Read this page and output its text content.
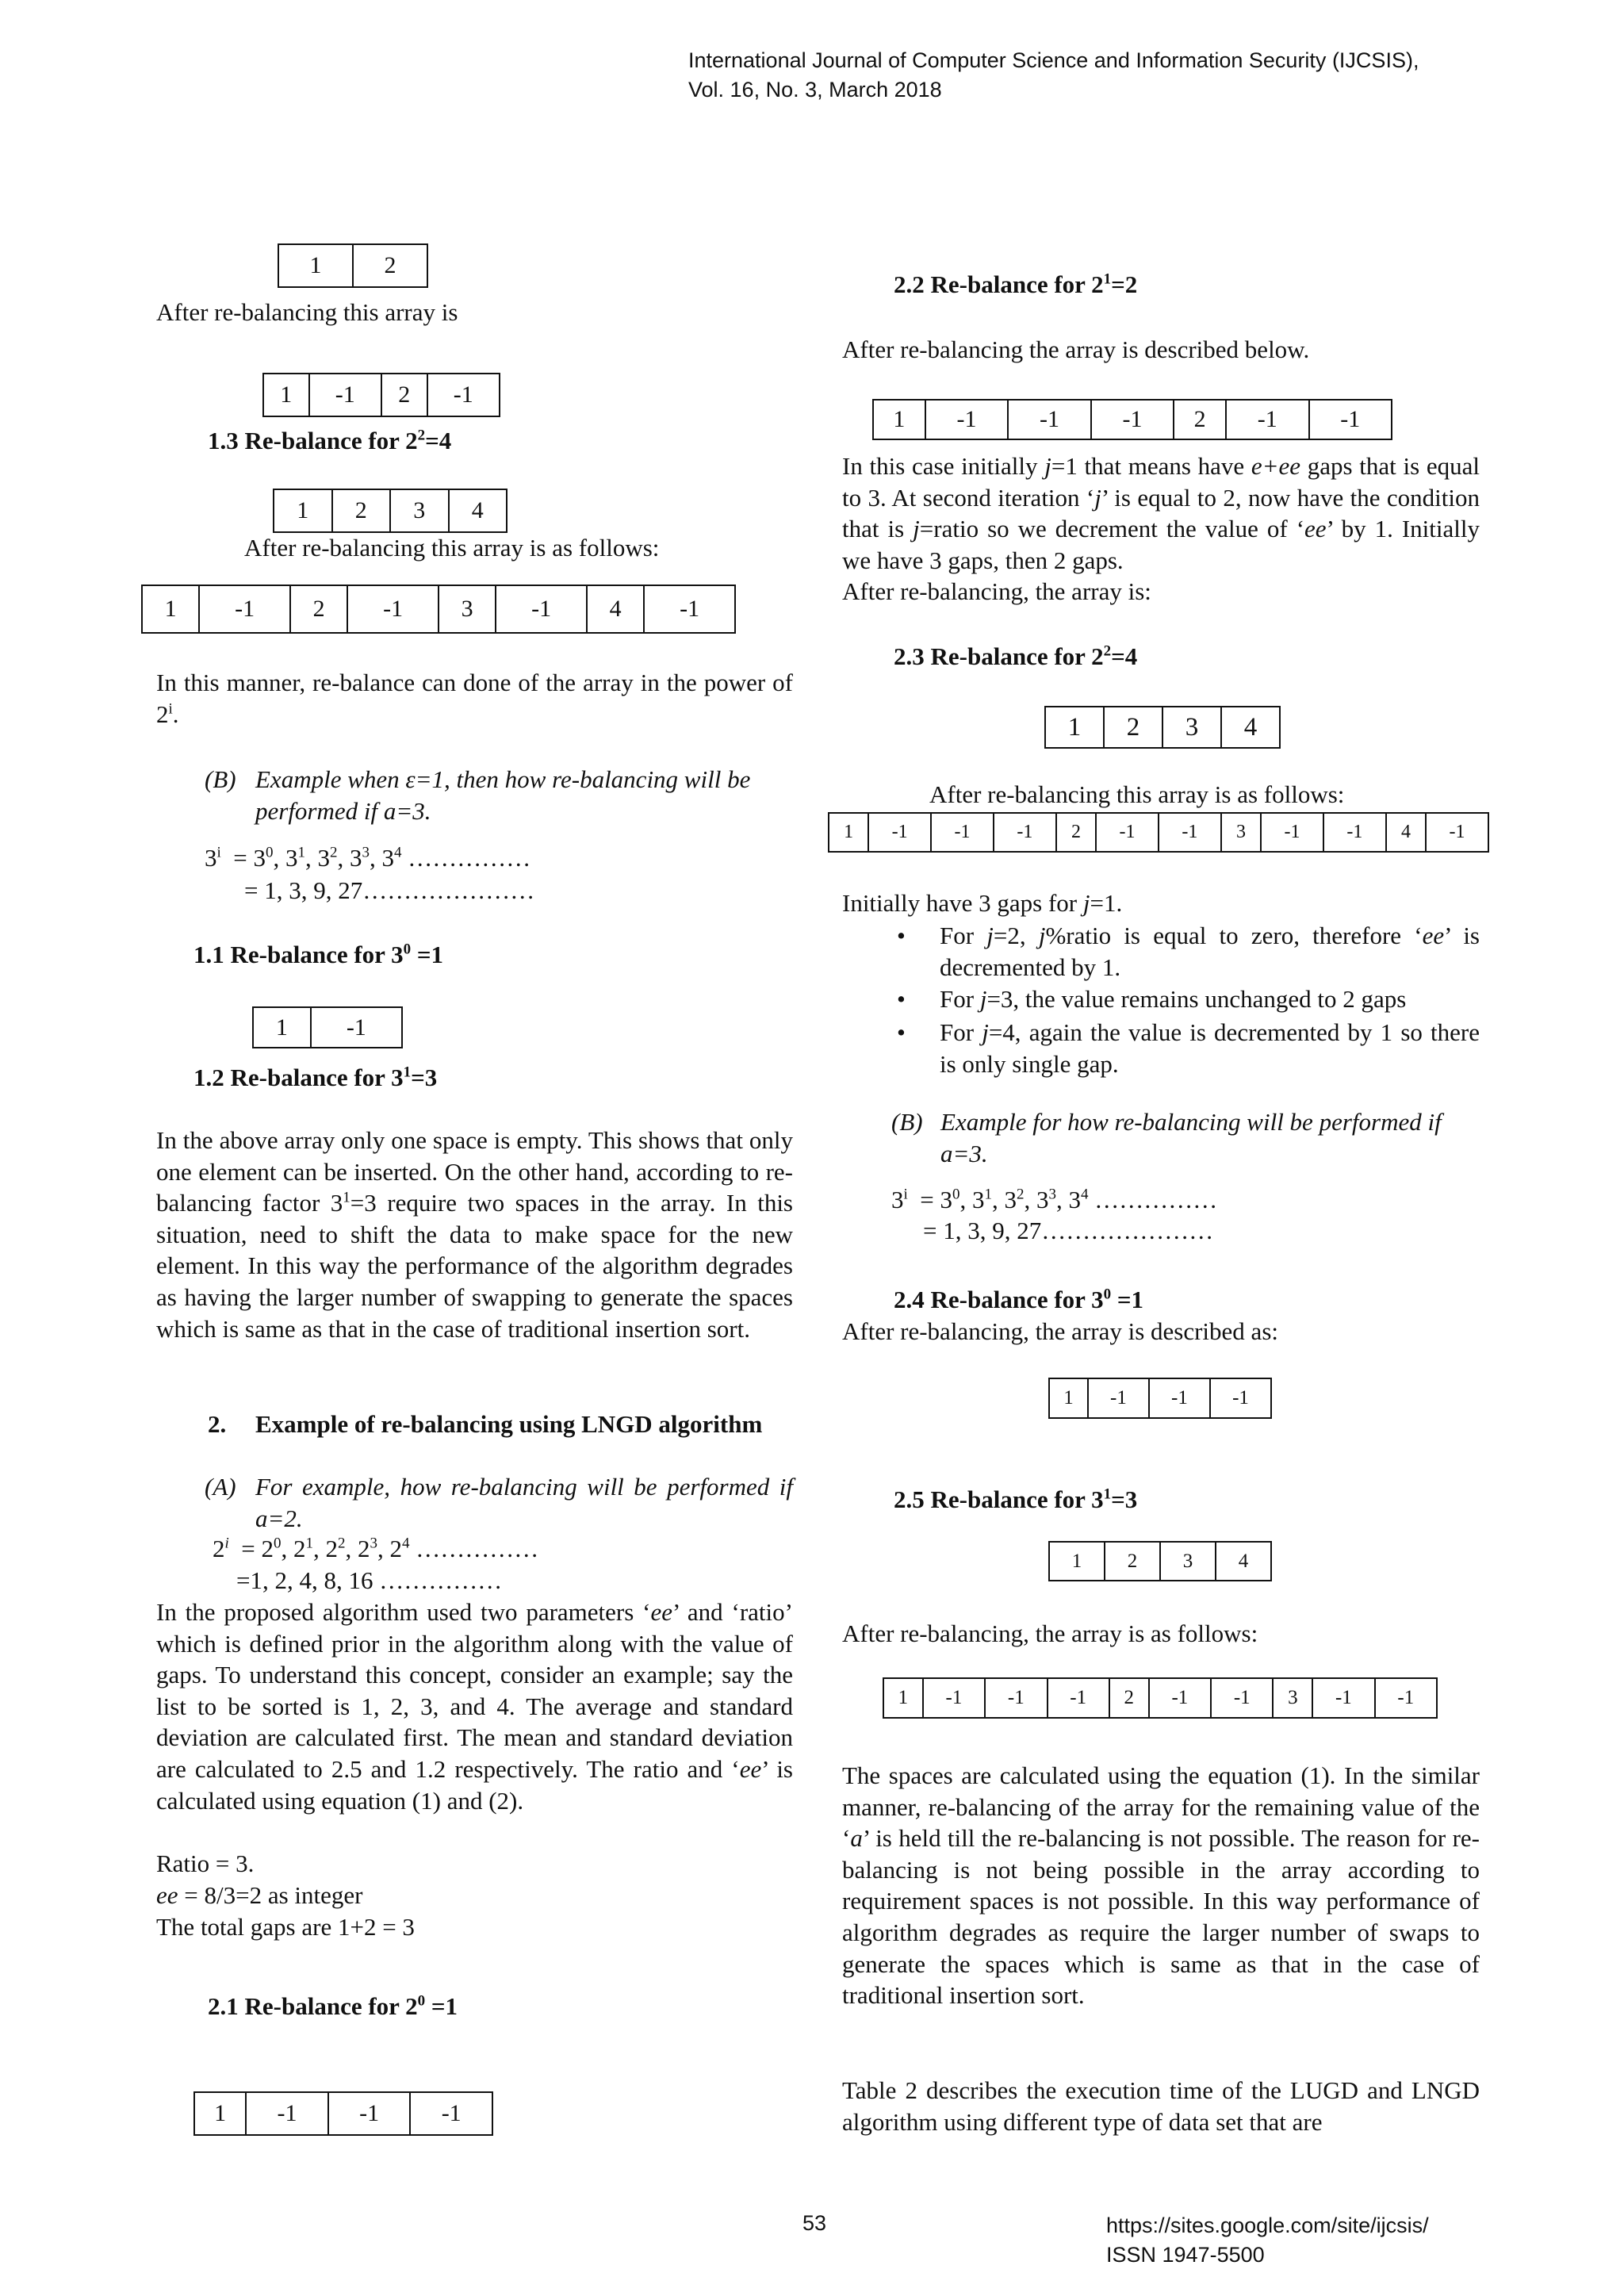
International Journal of Computer Science and Information Security (IJCSIS),
Vol. 16, No. 3, March 2018
53	https://sites.google.com/site/ijcsis/
ISSN 1947-5500
1	2

After re-balancing this array is

1	-1	2	-1
1.3 Re-balance for $2^2=4$
1	2	3	4

After re-balancing this array is as follows:

1	-1	2	-1	3	-1	4	-1

In this manner, re-balance can done of the array in the power of 2$^i$.

(B) Example when ε=1, then how re-balancing will be performed if a=3.
$3^i = 3^0$, $3^1$, $3^2$, $3^3$, $3^4$ ……………
= 1, 3, 9, 27…………………
1.1 Re-balance for $3^0 =1$
1	-1
1.2 Re-balance for $3^1=3$

In the above array only one space is empty. This shows that only one element can be inserted. On the other hand, according to re-balancing factor $3^1=3$ require two spaces in the array. In this situation, need to shift the data to make space for the new element. In this way the performance of the algorithm degrades as having the larger number of swapping to generate the spaces which is same as that in the case of traditional insertion sort.

2. Example of re-balancing using LNGD algorithm
(A) For example, how re-balancing will be performed if a=2.
$2^i = 2^0$, $2^1$, $2^2$, $2^3$, $2^4$ ……………
=1, 2, 4, 8, 16 ……………

In the proposed algorithm used two parameters ‘ee’ and ‘ratio’ which is defined prior in the algorithm along with the value of gaps. To understand this concept, consider an example; say the list to be sorted is 1, 2, 3, and 4. The average and standard deviation are calculated first. The mean and standard deviation are calculated to 2.5 and 1.2 respectively. The ratio and ‘ee’ is calculated using equation (1) and (2).

Ratio = 3.

ee = 8/3=2 as integer

The total gaps are 1+2 = 3

2.1 Re-balance for $2^0 =1$
1	-1	-1	-1
2.2 Re-balance for $2^1=2$

After re-balancing the array is described below.

1	-1	-1	-1	2	-1	-1

In this case initially j=1 that means have e+ee gaps that is equal to 3. At second iteration ‘j’ is equal to 2, now have the condition that is j=ratio so we decrement the value of ‘ee’ by 1. Initially we have 3 gaps, then 2 gaps.

After re-balancing, the array is:

2.3 Re-balance for $2^2=4$
1	2	3	4

After re-balancing this array is as follows:

1	-1	-1	-1	2	-1	-1	3	-1	-1	4	-1

Initially have 3 gaps for j=1.

• For j=2, j%ratio is equal to zero, therefore ‘ee’ is decremented by 1.

• For j=3, the value remains unchanged to 2 gaps

• For j=4, again the value is decremented by 1 so there is only single gap.

(B) Example for how re-balancing will be performed if a=3.
$3^i = 3^0$, $3^1$, $3^2$, $3^3$, $3^4$ ……………
= 1, 3, 9, 27…………………
2.4 Re-balance for $3^0 =1$

After re-balancing, the array is described as:

1	-1	-1	-1
2.5 Re-balance for $3^1=3$
1	2	3	4

After re-balancing, the array is as follows:

1	-1	-1	-1	2	-1	-1	3	-1	-1

The spaces are calculated using the equation (1). In the similar manner, re-balancing of the array for the remaining value of the ‘a’ is held till the re-balancing is not possible. The reason for re-balancing is not being possible in the array according to requirement spaces is not possible. In this way performance of algorithm degrades as require the larger number of swaps to generate the spaces which is same as that in the case of traditional insertion sort.

Table 2 describes the execution time of the LUGD and LNGD algorithm using different type of data set that are
